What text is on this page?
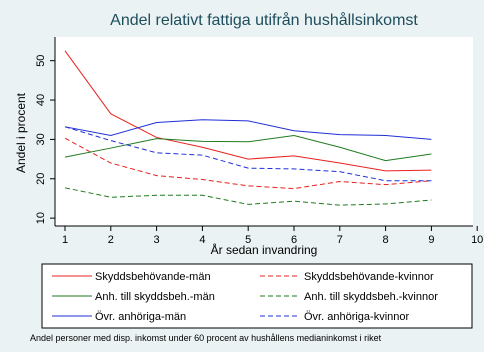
Andel relativt fattiga utifrån hushållsinkomst
10
20
30
40
50
1	2	3	4	5	6	7	8	9	10
År sedan invandring
Andel i procent
Skyddsbehövande-män	Skyddsbehövande-kvinnor
Anh. till skyddsbeh.-män	Anh. till skyddsbeh.-kvinnor
Övr. anhöriga-män	Övr. anhöriga-kvinnor
Andel personer med disp. inkomst under 60 procent av hushållens medianinkomst i riket
